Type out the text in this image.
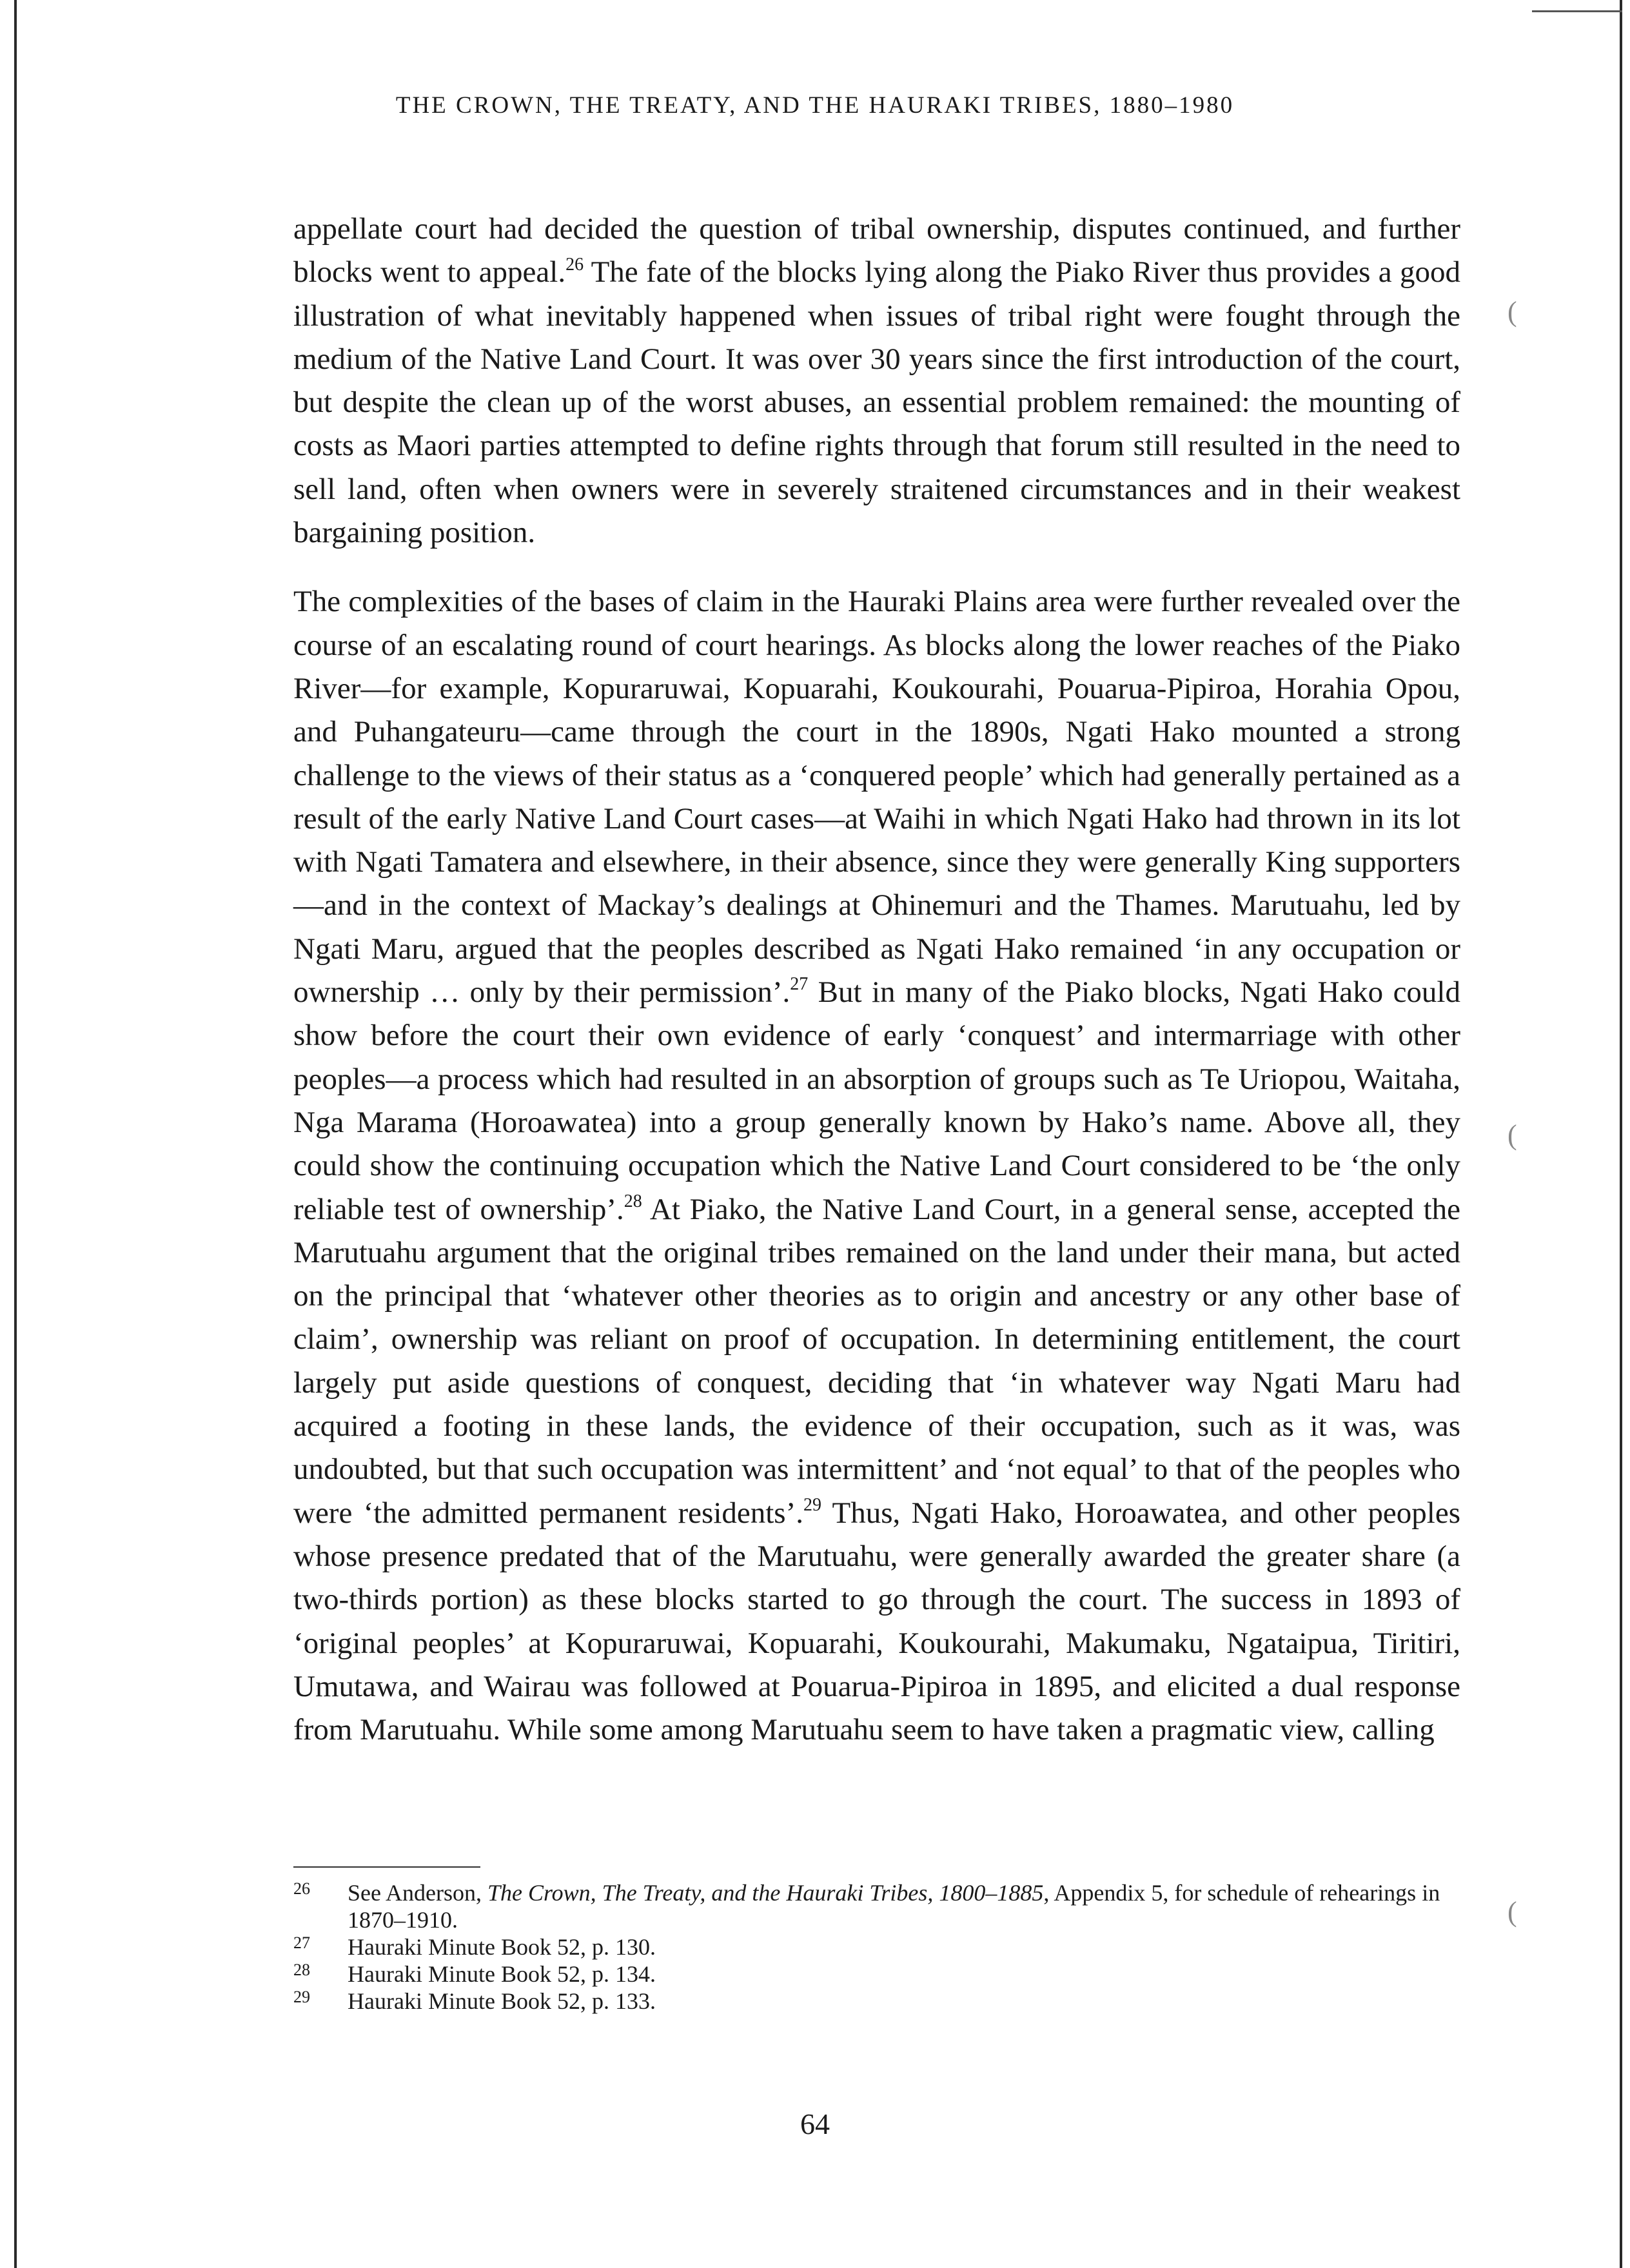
(
(
(
THE CROWN, THE TREATY, AND THE HAURAKI TRIBES, 1880–1980

appellate court had decided the question of tribal ownership, disputes continued, and further blocks went to appeal.$^{26}$ The fate of the blocks lying along the Piako River thus provides a good illustration of what inevitably happened when issues of tribal right were fought through the medium of the Native Land Court. It was over 30 years since the first introduction of the court, but despite the clean up of the worst abuses, an essential problem remained: the mounting of costs as Maori parties attempted to define rights through that forum still resulted in the need to sell land, often when owners were in severely straitened circumstances and in their weakest bargaining position.

The complexities of the bases of claim in the Hauraki Plains area were further revealed over the course of an escalating round of court hearings. As blocks along the lower reaches of the Piako River—for example, Kopuraruwai, Kopuarahi, Koukourahi, Pouarua-Pipiroa, Horahia Opou, and Puhangateuru—came through the court in the 1890s, Ngati Hako mounted a strong challenge to the views of their status as a ‘conquered people’ which had generally pertained as a result of the early Native Land Court cases—at Waihi in which Ngati Hako had thrown in its lot with Ngati Tamatera and elsewhere, in their absence, since they were generally King supporters—and in the context of Mackay’s dealings at Ohinemuri and the Thames. Marutuahu, led by Ngati Maru, argued that the peoples described as Ngati Hako remained ‘in any occupation or ownership … only by their permission’.$^{27}$ But in many of the Piako blocks, Ngati Hako could show before the court their own evidence of early ‘conquest’ and intermarriage with other peoples—a process which had resulted in an absorption of groups such as Te Uriopou, Waitaha, Nga Marama (Horoawatea) into a group generally known by Hako’s name. Above all, they could show the continuing occupation which the Native Land Court considered to be ‘the only reliable test of ownership’.$^{28}$ At Piako, the Native Land Court, in a general sense, accepted the Marutuahu argument that the original tribes remained on the land under their mana, but acted on the principal that ‘whatever other theories as to origin and ancestry or any other base of claim’, ownership was reliant on proof of occupation. In determining entitlement, the court largely put aside questions of conquest, deciding that ‘in whatever way Ngati Maru had acquired a footing in these lands, the evidence of their occupation, such as it was, was undoubted, but that such occupation was intermittent’ and ‘not equal’ to that of the peoples who were ‘the admitted permanent residents’.$^{29}$ Thus, Ngati Hako, Horoawatea, and other peoples whose presence predated that of the Marutuahu, were generally awarded the greater share (a two-thirds portion) as these blocks started to go through the court. The success in 1893 of ‘original peoples’ at Kopuraruwai, Kopuarahi, Koukourahi, Makumaku, Ngataipua, Tiritiri, Umutawa, and Wairau was followed at Pouarua-Pipiroa in 1895, and elicited a dual response from Marutuahu. While some among Marutuahu seem to have taken a pragmatic view, calling

26	See Anderson, The Crown, The Treaty, and the Hauraki Tribes, 1800–1885, Appendix 5, for schedule of rehearings in 1870–1910.
27	Hauraki Minute Book 52, p. 130.
28	Hauraki Minute Book 52, p. 134.
29	Hauraki Minute Book 52, p. 133.
64
